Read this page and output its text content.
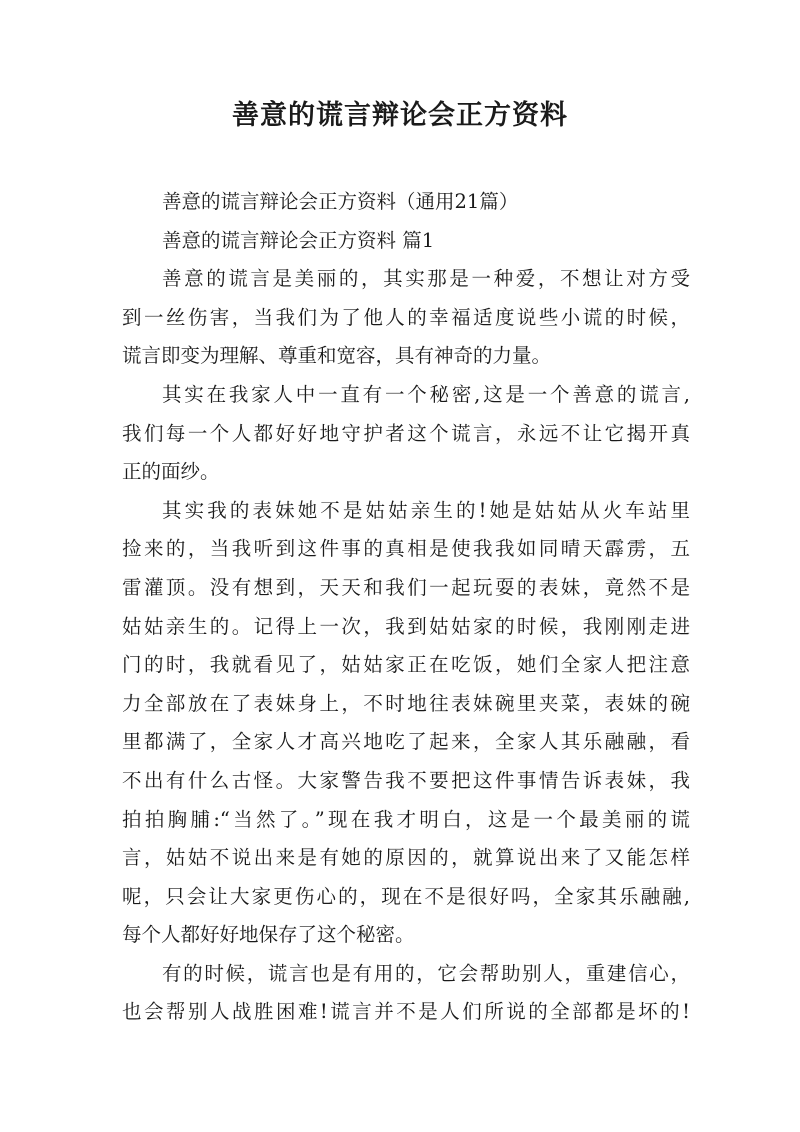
善意的谎言辩论会正方资料
善意的谎言辩论会正方资料（通用21篇）
善意的谎言辩论会正方资料 篇1
善意的谎言是美丽的，其实那是一种爱，不想让对方受
到一丝伤害，当我们为了他人的幸福适度说些小谎的时候，
谎言即变为理解、尊重和宽容，具有神奇的力量。
其实在我家人中一直有一个秘密,这是一个善意的谎言,
我们每一个人都好好地守护者这个谎言，永远不让它揭开真
正的面纱。
其实我的表妹她不是姑姑亲生的!她是姑姑从火车站里
捡来的，当我听到这件事的真相是使我我如同晴天霹雳，五
雷灌顶。没有想到，天天和我们一起玩耍的表妹，竟然不是
姑姑亲生的。记得上一次，我到姑姑家的时候，我刚刚走进
门的时，我就看见了，姑姑家正在吃饭，她们全家人把注意
力全部放在了表妹身上，不时地往表妹碗里夹菜，表妹的碗
里都满了，全家人才高兴地吃了起来，全家人其乐融融，看
不出有什么古怪。大家警告我不要把这件事情告诉表妹，我
拍拍胸脯:“当然了。”现在我才明白，这是一个最美丽的谎
言，姑姑不说出来是有她的原因的，就算说出来了又能怎样
呢，只会让大家更伤心的，现在不是很好吗，全家其乐融融,
每个人都好好地保存了这个秘密。
有的时候，谎言也是有用的，它会帮助别人，重建信心，
也会帮别人战胜困难!谎言并不是人们所说的全部都是坏的!
